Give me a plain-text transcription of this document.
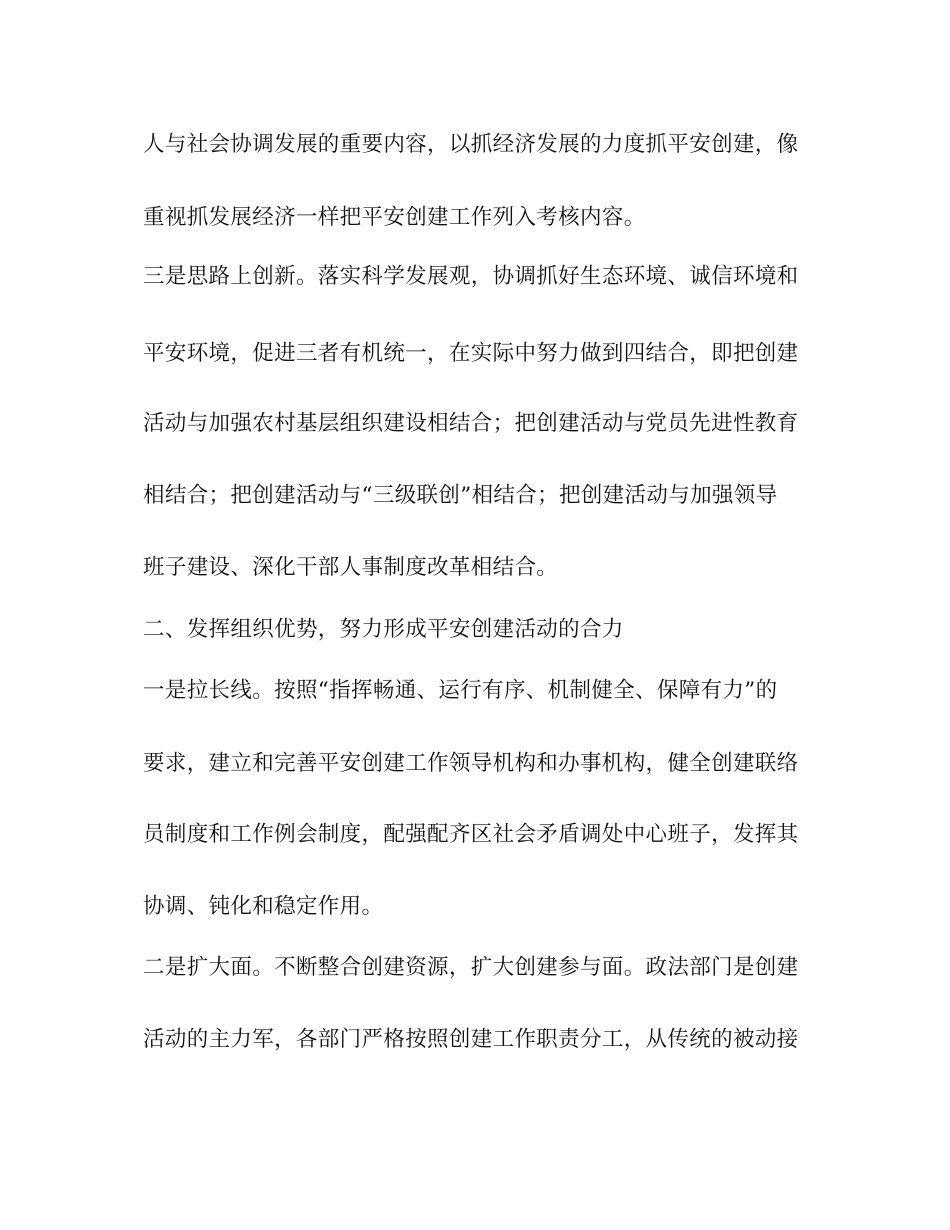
人与社会协调发展的重要内容，以抓经济发展的力度抓平安创建，像
重视抓发展经济一样把平安创建工作列入考核内容。
三是思路上创新。落实科学发展观，协调抓好生态环境、诚信环境和
平安环境，促进三者有机统一，在实际中努力做到四结合，即把创建
活动与加强农村基层组织建设相结合；把创建活动与党员先进性教育
相结合；把创建活动与“三级联创”相结合；把创建活动与加强领导
班子建设、深化干部人事制度改革相结合。
二、发挥组织优势，努力形成平安创建活动的合力
一是拉长线。按照“指挥畅通、运行有序、机制健全、保障有力”的
要求，建立和完善平安创建工作领导机构和办事机构，健全创建联络
员制度和工作例会制度，配强配齐区社会矛盾调处中心班子，发挥其
协调、钝化和稳定作用。
二是扩大面。不断整合创建资源，扩大创建参与面。政法部门是创建
活动的主力军，各部门严格按照创建工作职责分工，从传统的被动接
